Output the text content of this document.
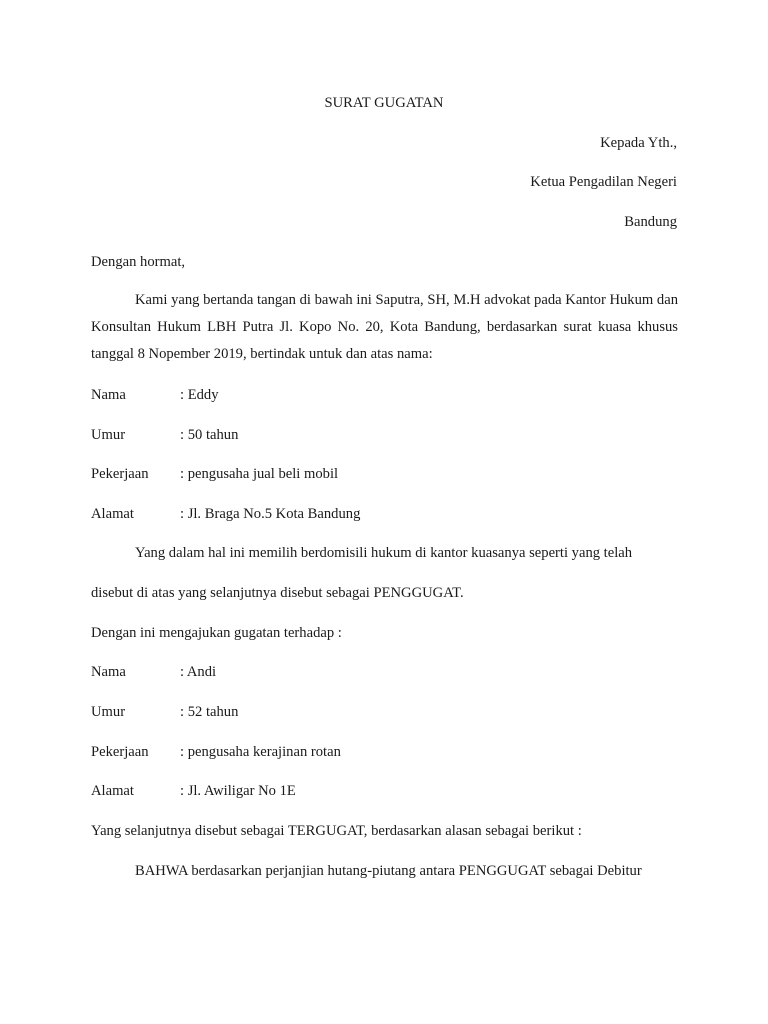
SURAT GUGATAN
Kepada Yth.,
Ketua Pengadilan Negeri
Bandung
Dengan hormat,
Kami yang bertanda tangan di bawah ini Saputra, SH, M.H advokat pada Kantor Hukum dan Konsultan Hukum LBH Putra Jl. Kopo No. 20, Kota Bandung, berdasarkan surat kuasa khusus tanggal 8 Nopember 2019, bertindak untuk dan atas nama:
Nama	: Eddy
Umur	: 50 tahun
Pekerjaan : pengusaha jual beli mobil
Alamat	: Jl. Braga No.5 Kota Bandung
Yang dalam hal ini memilih berdomisili hukum di kantor kuasanya seperti yang telah
disebut di atas yang selanjutnya disebut sebagai PENGGUGAT.
Dengan ini mengajukan gugatan terhadap :
Nama	: Andi
Umur	: 52 tahun
Pekerjaan : pengusaha kerajinan rotan
Alamat	: Jl. Awiligar No 1E
Yang selanjutnya disebut sebagai TERGUGAT, berdasarkan alasan sebagai berikut :
BAHWA berdasarkan perjanjian hutang-piutang antara PENGGUGAT sebagai Debitur
